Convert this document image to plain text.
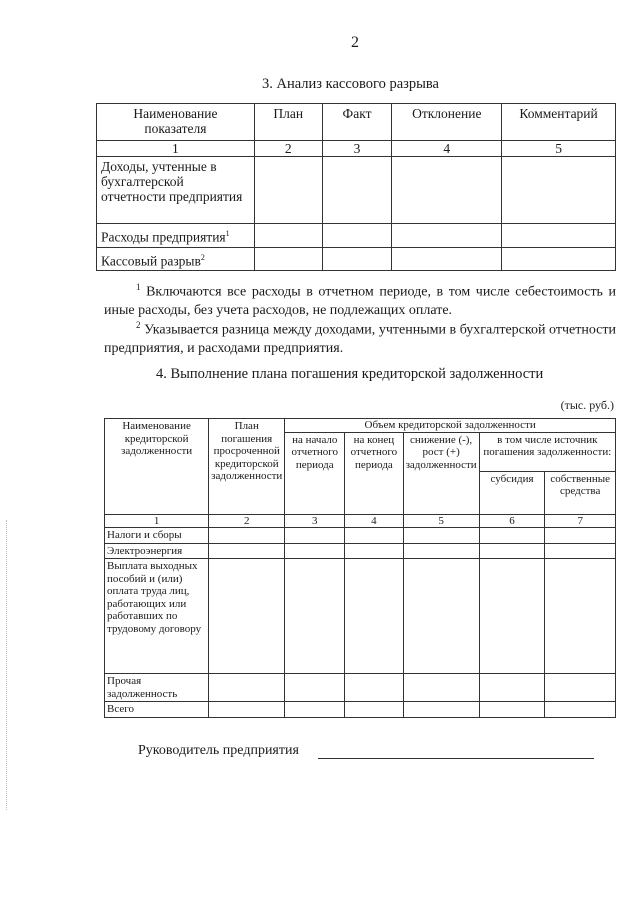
2
3. Анализ кассового разрыва
Наименование показателя	План	Факт	Отклонение	Комментарий
1	2	3	4	5
Доходы, учтенные в бухгалтерской отчетности предприятия				
Расходы предприятия$^1$				
Кассовый разрыв$^2$				
$^1$ Включаются все расходы в отчетном периоде, в том числе себестоимость и иные расходы, без учета расходов, не подлежащих оплате.
$^2$ Указывается разница между доходами, учтенными в бухгалтерской отчетности предприятия, и расходами предприятия.
4. Выполнение плана погашения кредиторской задолженности
(тыс. руб.)
Наименование кредиторской задолженности	План погашения просроченной кредиторской задолженности	Объем кредиторской задолженности				
		на начало отчетного периода	на конец отчетного периода	снижение (-), рост (+) задолженности	в том числе источник погашения задолженности:	
					субсидия	собственные средства
1	2	3	4	5	6	7
Налоги и сборы						
Электроэнергия						
Выплата выходных пособий и (или) оплата труда лиц, работающих или работавших по трудовому договору						
Прочая задолженность						
Всего						
Руководитель предприятия
